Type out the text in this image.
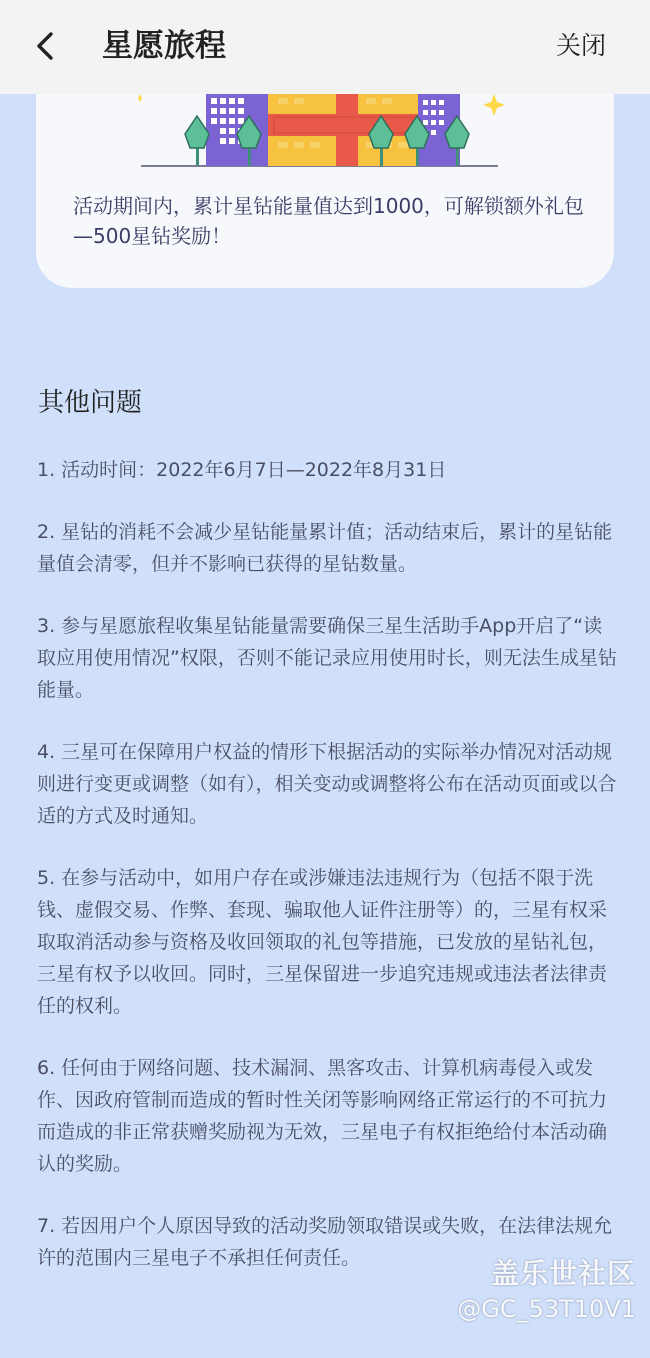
星愿旅程	关闭
活动期间内，累计星钻能量值达到1000，可解锁额外礼包—500星钻奖励！
其他问题

1. 活动时间：2022年6月7日—2022年8月31日

2. 星钻的消耗不会减少星钻能量累计值；活动结束后，累计的星钻能量值会清零，但并不影响已获得的星钻数量。

3. 参与星愿旅程收集星钻能量需要确保三星生活助手App开启了“读取应用使用情况”权限，否则不能记录应用使用时长，则无法生成星钻能量。

4. 三星可在保障用户权益的情形下根据活动的实际举办情况对活动规则进行变更或调整（如有），相关变动或调整将公布在活动页面或以合适的方式及时通知。

5. 在参与活动中，如用户存在或涉嫌违法违规行为（包括不限于洗钱、虚假交易、作弊、套现、骗取他人证件注册等）的，三星有权采取取消活动参与资格及收回领取的礼包等措施，已发放的星钻礼包，三星有权予以收回。同时，三星保留进一步追究违规或违法者法律责任的权利。

6. 任何由于网络问题、技术漏洞、黑客攻击、计算机病毒侵入或发作、因政府管制而造成的暂时性关闭等影响网络正常运行的不可抗力而造成的非正常获赠奖励视为无效，三星电子有权拒绝给付本活动确认的奖励。

7. 若因用户个人原因导致的活动奖励领取错误或失败，在法律法规允许的范围内三星电子不承担任何责任。	盖乐世社区
@GC_53T10V1
